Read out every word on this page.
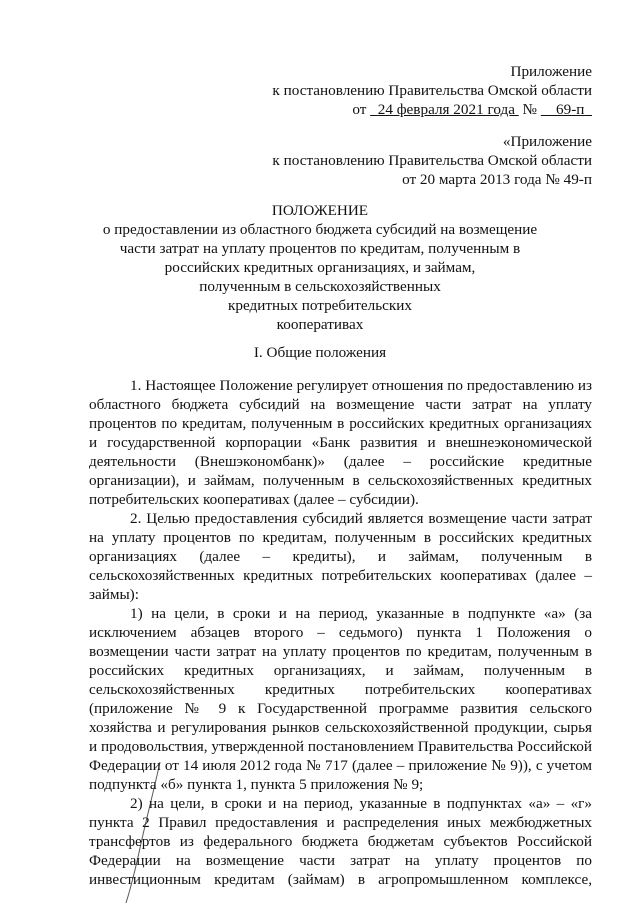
Приложение
к постановлению Правительства Омской области
от 24 февраля 2021 года № 69-п
«Приложение
к постановлению Правительства Омской области
от 20 марта 2013 года № 49-п
ПОЛОЖЕНИЕ
о предоставлении из областного бюджета субсидий на возмещение
части затрат на уплату процентов по кредитам, полученным в
российских кредитных организациях, и займам,
полученным в сельскохозяйственных
кредитных потребительских
кооперативах
I. Общие положения
1. Настоящее Положение регулирует отношения по предоставлению из
областного бюджета субсидий на возмещение части затрат на уплату
процентов по кредитам, полученным в российских кредитных организациях
и государственной корпорации «Банк развития и внешнеэкономической
деятельности (Внешэкономбанк)» (далее – российские кредитные
организации), и займам, полученным в сельскохозяйственных кредитных
потребительских кооперативах (далее – субсидии).
2. Целью предоставления субсидий является возмещение части затрат
на уплату процентов по кредитам, полученным в российских кредитных
организациях (далее – кредиты), и займам, полученным в
сельскохозяйственных кредитных потребительских кооперативах (далее –
займы):
1) на цели, в сроки и на период, указанные в подпункте «а» (за
исключением абзацев второго – седьмого) пункта 1 Положения о
возмещении части затрат на уплату процентов по кредитам, полученным в
российских кредитных организациях, и займам, полученным в
сельскохозяйственных кредитных потребительских кооперативах
(приложение № 9 к Государственной программе развития сельского
хозяйства и регулирования рынков сельскохозяйственной продукции, сырья
и продовольствия, утвержденной постановлением Правительства Российской
Федерации от 14 июля 2012 года № 717 (далее – приложение № 9)), с учетом
подпункта «б» пункта 1, пункта 5 приложения № 9;
2) на цели, в сроки и на период, указанные в подпунктах «а» – «г»
пункта 2 Правил предоставления и распределения иных межбюджетных
трансфертов из федерального бюджета бюджетам субъектов Российской
Федерации на возмещение части затрат на уплату процентов по
инвестиционным кредитам (займам) в агропромышленном комплексе,
